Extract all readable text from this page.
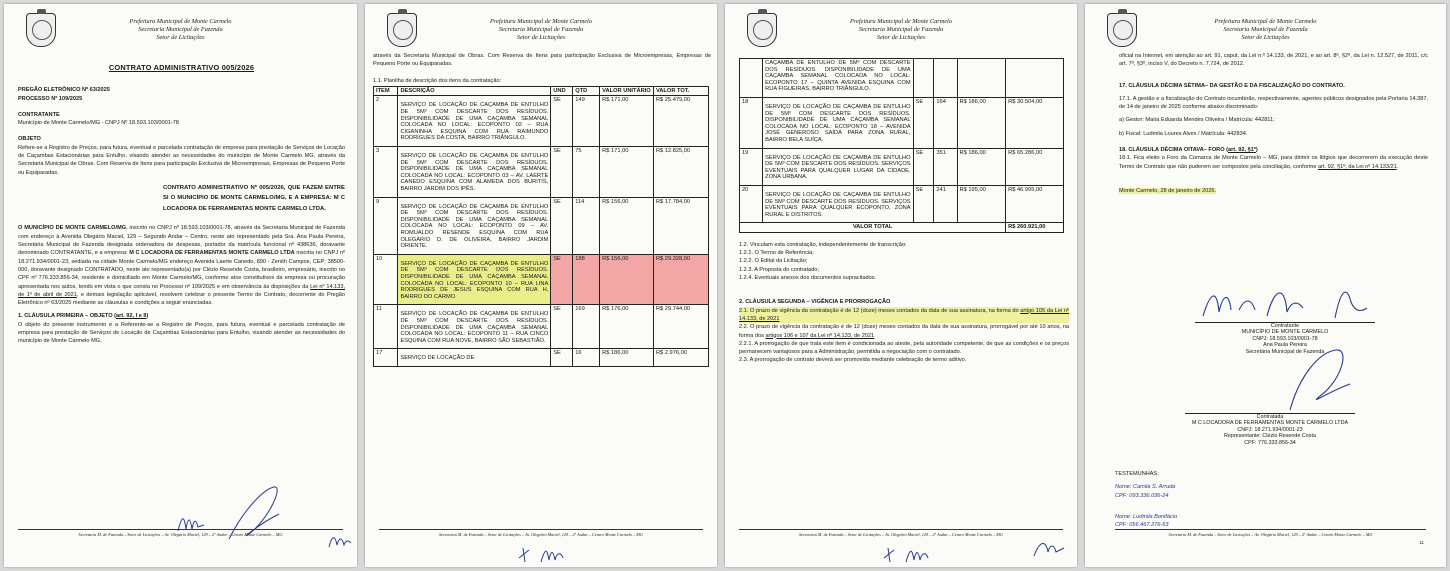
Prefeitura Municipal de Monte Carmelo
Secretaria Municipal de Fazenda
Setor de Licitações
CONTRATO ADMINISTRATIVO 005/2026

PREGÃO ELETRÔNICO Nº 63/2025

PROCESSO Nº 109/2025

CONTRATANTE

Município de Monte Carmelo/MG - CNPJ Nº 18.593.103/0001-78

OBJETO

Refere-se a Registro de Preços, para futura, eventual e parcelada contratação de empresa para prestação de Serviços de Locação de Caçambas Estacionárias para Entulho, visando atender as necessidades do município de Monte Carmelo MG, através da Secretaria Municipal de Obras. Com Reserva de Itens para participação Exclusiva de Microempresas, Empresas de Pequeno Porte ou Equiparadas.

CONTRATO ADMINISTRATIVO Nº 005/2026, QUE FAZEM ENTRE SI O MUNICÍPIO DE MONTE CARMELO/MG, E A EMPRESA: M C LOCADORA DE FERRAMENTAS MONTE CARMELO LTDA.

O MUNICÍPIO DE MONTE CARMELO/MG, inscrito no CNPJ nº 18.593.103/0001-78, através da Secretaria Municipal de Fazenda com endereço à Avenida Olegário Maciel, 129 – Segundo Andar – Centro, neste ato representado pela Sra. Ana Paula Pereira, Secretária Municipal de Fazenda designada ordenadora de despesas, portador da matrícula funcional nº 438636, doravante denominado CONTRATANTE, e a empresa: M C LOCADORA DE FERRAMENTAS MONTE CARMELO LTDA inscrita no CNPJ nº 18.271.934/0001-23, sediada na cidade Monte Carmelo/MG endereço Avenida Laerte Canedo, 890 - Zenith Campos, CEP: 38500-000, doravante designado CONTRATADO, neste ato representado(a) por Clézio Resende Costa, brasileiro, empresário, inscrito no CPF nº 776.333.856-34, residente e domiciliado em Monte Carmelo/MG, conforme atos constitutivos da empresa ou procuração apresentada nos autos, tendo em vista o que consta no Processo nº 109/2025 e em observância às disposições da Lei nº 14.133, de 1º de abril de 2021, e demais legislação aplicável, resolvem celebrar o presente Termo de Contrato, decorrente do Pregão Eletrônico nº 63/2025 mediante as cláusulas e condições a seguir enunciadas.

1. CLÁUSULA PRIMEIRA – OBJETO (art. 92, I e II)

O objeto do presente instrumento é a Referente-se a Registro de Preços, para futura, eventual e parcelada contratação de empresa para prestação de Serviços de Locação de Caçambas Estacionárias para Entulho, visando atender as necessidades do município de Monte Carmelo MG,

Secretaria M. de Fazenda – Setor de Licitações – Av. Olegário Maciel, 129 – 2º Andar – Centro Monte Carmelo – MG
Prefeitura Municipal de Monte Carmelo
Secretaria Municipal de Fazenda
Setor de Licitações

através da Secretaria Municipal de Obras. Com Reserva de Itens para participação Exclusiva de Microempresas, Empresas de Pequeno Porte ou Equiparadas.

1.1. Planilha de descrição dos itens da contratação:

ITEM	DESCRIÇÃO	UND	QTD	VALOR UNITÁRIO	VALOR TOT.
2	SERVIÇO DE LOCAÇÃO DE CAÇAMBA DE ENTULHO DE 5M³ COM DESCARTE DOS RESÍDUOS. DISPONIBILIDADE DE UMA CAÇAMBA SEMANAL COLOCADA NO LOCAL: ECOPONTO 02 – RUA CIGANINHA ESQUINA COM RUA RAIMUNDO RODRIGUES DA COSTA, BAIRRO TRIÂNGULO.	SE	149	R$ 171,00	R$ 25.479,00
3	SERVIÇO DE LOCAÇÃO DE CAÇAMBA DE ENTULHO DE 5M³ COM DESCARTE DOS RESÍDUOS. DISPONIBILIDADE DE UMA CAÇAMBA SEMANAL COLOCADA NO LOCAL: ECOPONTO 03 – AV. LAERTE CANEDO ESQUINA COM ALAMEDA DOS BURITIS, BAIRRO JARDIM DOS IPÊS.	SE	75	R$ 171,00	R$ 12.825,00
9	SERVIÇO DE LOCAÇÃO DE CAÇAMBA DE ENTULHO DE 5M³ COM DESCARTE DOS RESÍDUOS. DISPONIBILIDADE DE UMA CAÇAMBA SEMANAL COLOCADA NO LOCAL: ECOPONTO 09 – AV. ROMUALDO RESENDE ESQUINA COM RUA OLEGÁRIO D. DE OLIVEIRA, BAIRRO JARDIM ORIENTE.	SE	114	R$ 156,00	R$ 17.784,00
10	SERVIÇO DE LOCAÇÃO DE CAÇAMBA DE ENTULHO DE 5M³ COM DESCARTE DOS RESÍDUOS. DISPONIBILIDADE DE UMA CAÇAMBA SEMANAL COLOCADA NO LOCAL: ECOPONTO 10 – RUA LINA RODRIGUES DE JESUS ESQUINA COM RUA H, BAIRRO DO CARMO.	SE	188	R$ 156,00	R$ 29.328,00
11	SERVIÇO DE LOCAÇÃO DE CAÇAMBA DE ENTULHO DE 5M³ COM DESCARTE DOS RESÍDUOS. DISPONIBILIDADE DE UMA CAÇAMBA SEMANAL COLOCADA NO LOCAL: ECOPONTO 11 – RUA CINCO ESQUINA COM RUA NOVE, BAIRRO SÃO SEBASTIÃO.	SE	169	R$ 176,00	R$ 29.744,00
17	SERVIÇO DE LOCAÇÃO DE	SE	16	R$ 186,00	R$ 2.976,00
Secretaria M. de Fazenda – Setor de Licitações – Av. Olegário Maciel, 129 – 2º Andar – Centro Monte Carmelo – MG
Prefeitura Municipal de Monte Carmelo
Secretaria Municipal de Fazenda
Setor de Licitações
	CAÇAMBA DE ENTULHO DE 5M³ COM DESCARTE DOS RESÍDUOS. DISPONIBILIDADE DE UMA CAÇAMBA SEMANAL COLOCADA NO LOCAL: ECOPONTO 17 – QUINTA AVENIDA ESQUINA COM RUA FIGUEIRAS, BAIRRO TRIÂNGULO.				
18	SERVIÇO DE LOCAÇÃO DE CAÇAMBA DE ENTULHO DE 5M³ COM DESCARTE DOS RESÍDUOS. DISPONIBILIDADE DE UMA CAÇAMBA SEMANAL COLOCADA NO LOCAL: ECOPONTO 18 – AVENIDA JOSÉ GENEROSO SAÍDA PARA ZONA RURAL, BAIRRO BELA SUÍÇA.	SE	164	R$ 186,00	R$ 30.504,00
19	SERVIÇO DE LOCAÇÃO DE CAÇAMBA DE ENTULHO DE 5M³ COM DESCARTE DOS RESÍDUOS. SERVIÇOS EVENTUAIS PARA QUALQUER LUGAR DA CIDADE, ZONA URBANA.	SE	351	R$ 186,00	R$ 65.286,00
20	SERVIÇO DE LOCAÇÃO DE CAÇAMBA DE ENTULHO DE 5M³ COM DESCARTE DOS RESÍDUOS. SERVIÇOS EVENTUAIS PARA QUALQUER ECOPONTO, ZONA RURAL E DISTRITOS.	SE	241	R$ 195,00	R$ 46.995,00
VALOR TOTAL					R$ 260.921,00

1.2. Vinculam esta contratação, independentemente de transcrição:

1.2.1. O Termo de Referência;

1.2.2. O Edital da Licitação;

1.2.3. A Proposta do contratado;

1.2.4. Eventuais anexos dos documentos supracitados.

2. CLÁUSULA SEGUNDA – VIGÊNCIA E PRORROGAÇÃO

2.1. O prazo de vigência da contratação é de 12 (doze) meses contados da data de sua assinatura, na forma do artigo 105 da Lei nº 14.133, de 2021

2.2. O prazo de vigência da contratação é de 12 (doze) meses contados da data de sua assinatura, prorrogável por até 10 anos, na forma dos artigos 106 e 107 da Lei nº 14.133, de 2021

2.2.1. A prorrogação de que trata este item é condicionada ao ateste, pela autoridade competente, de que as condições e os preços permanecem vantajosos para a Administração, permitida a negociação com o contratado.

2.3. A prorrogação de contrato deverá ser promovida mediante celebração de termo aditivo.

Secretaria M. de Fazenda – Setor de Licitações – Av. Olegário Maciel, 129 – 2º Andar – Centro Monte Carmelo – MG
Prefeitura Municipal de Monte Carmelo
Secretaria Municipal de Fazenda
Setor de Licitações

oficial na Internet, em atenção ao art. 91, caput, da Lei n.º 14.133, de 2021, e ao art. 8º, §2º, da Lei n. 12.527, de 2011, c/c art. 7º, §3º, inciso V, do Decreto n. 7.724, de 2012.

17. CLÁUSULA DÉCIMA SÉTIMA– DA GESTÃO E DA FISCALIZAÇÃO DO CONTRATO.

17.1. A gestão e a fiscalização do Contrato incumbirão, respectivamente, agentes públicos designados pela Portaria 14.387, de 14 de janeiro de 2025 conforme abaixo discriminado:

a) Gestor: Maria Eduarda Mendes Oliveira / Matrícula: 442811;

b) Fiscal: Ludmila Loures Alves / Matrícula: 442834.

18. CLÁUSULA DÉCIMA OITAVA– FORO (art. 92, §1º)

18.1. Fica eleito o Foro da Comarca de Monte Carmelo – MG, para dirimir os litígios que decorrerem da execução deste Termo de Contrato que não puderem ser compostos pela conciliação, conforme art. 92, §1º, da Lei nº 14.133/21.

Monte Carmelo, 28 de janeiro de 2026.

Contratante
MUNICÍPIO DE MONTE CARMELO
CNPJ: 18.593.103/0001-78
Ana Paula Pereira
Secretária Municipal de Fazenda
Contratada
M C LOCADORA DE FERRAMENTAS MONTE CARMELO LTDA
CNPJ: 18.271.934/0001-23
Representante: Clézio Resende Costa
CPF: 776.333.856-34

TESTEMUNHAS:

Nome: Camila S. Arruda

CPF: 093.336.036-24

Nome: Ludmila Bonifácio

CPF: 056.467.276-53

Secretaria M. de Fazenda – Setor de Licitações – Av. Olegário Maciel, 129 – 2º Andar – Centro Monte Carmelo – MG
11
